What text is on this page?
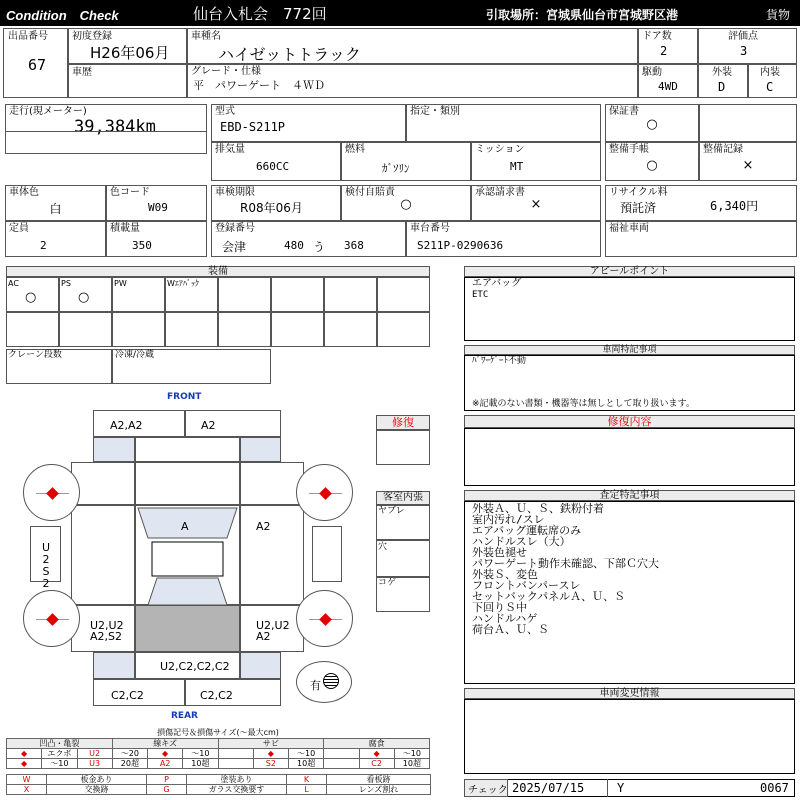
Condition　Check	仙台入札会　772回	引取場所：宮城県仙台市宮城野区港	貨物
出品番号
67
初度登録
H26年06月
車種名
ハイゼットトラック
ドア数
2
評価点
3
車歴	グレード・仕様
平　パワーゲート　４ＷＤ
駆動
4WD
外装
D
内装
C
走行(現メーター)
39,384km
型式
EBD-S211P
指定・類別	保証書
○
排気量
660CC
燃料
ｶﾞｿﾘﾝ
ミッション
MT
整備手帳
○
整備記録
×
車体色
白
色コード
W09
車検期限
R08年06月
検付自賠責
○
承認請求書
×
リサイクル料
預託済	6,340円
定員
2
積載量
350
登録番号
会津	480 う 368
車台番号
S211P-0290636
福祉車両
装備
AC
○
PS
○
PW	Wｴｱﾊﾞｯｸ
クレーン段数	冷凍/冷蔵
FRONT
REAR
A2,A2	A2
A	A2
U2 S2
U2,U2
A2,S2
U2,U2
A2
U2,C2,C2,C2
C2,C2	C2,C2
有
修復
客室内張
ヤブレ
穴
コゲ
アピールポイント
エアバッグ
ETC
車両特記事項
ﾊﾟﾜｰｹﾞｰﾄ不動
※記載のない書類・機器等は無しとして取り扱います。
修復内容
査定特記事項
外装Ａ、Ｕ、Ｓ、鉄粉付着
室内汚れ/スレ
エアバッグ運転席のみ
ハンドルスレ（大）
外装色褪せ
パワーゲート動作未確認、下部Ｃ穴大
外装Ｓ、変色
フロントバンパースレ
セットバックパネルＡ、Ｕ、Ｓ
下回りＳ中
ハンドルハゲ
荷台Ａ、Ｕ、Ｓ
車両変更情報
チェック 2025/07/15	Y	0067
損傷記号＆損傷サイズ(〜最大cm)
凹凸・亀裂			線キズ			サビ			腐食		
◆	エクボ	U2	〜20	◆	〜10		◆	〜10		◆	〜10
◆	〜10	U3	20超	A2	10超		S2	10超		C2	10超
W	板金あり	P	塗装あり	K	看板跡
X	交換跡	G	ガラス交換要す	L	レンズ割れ
